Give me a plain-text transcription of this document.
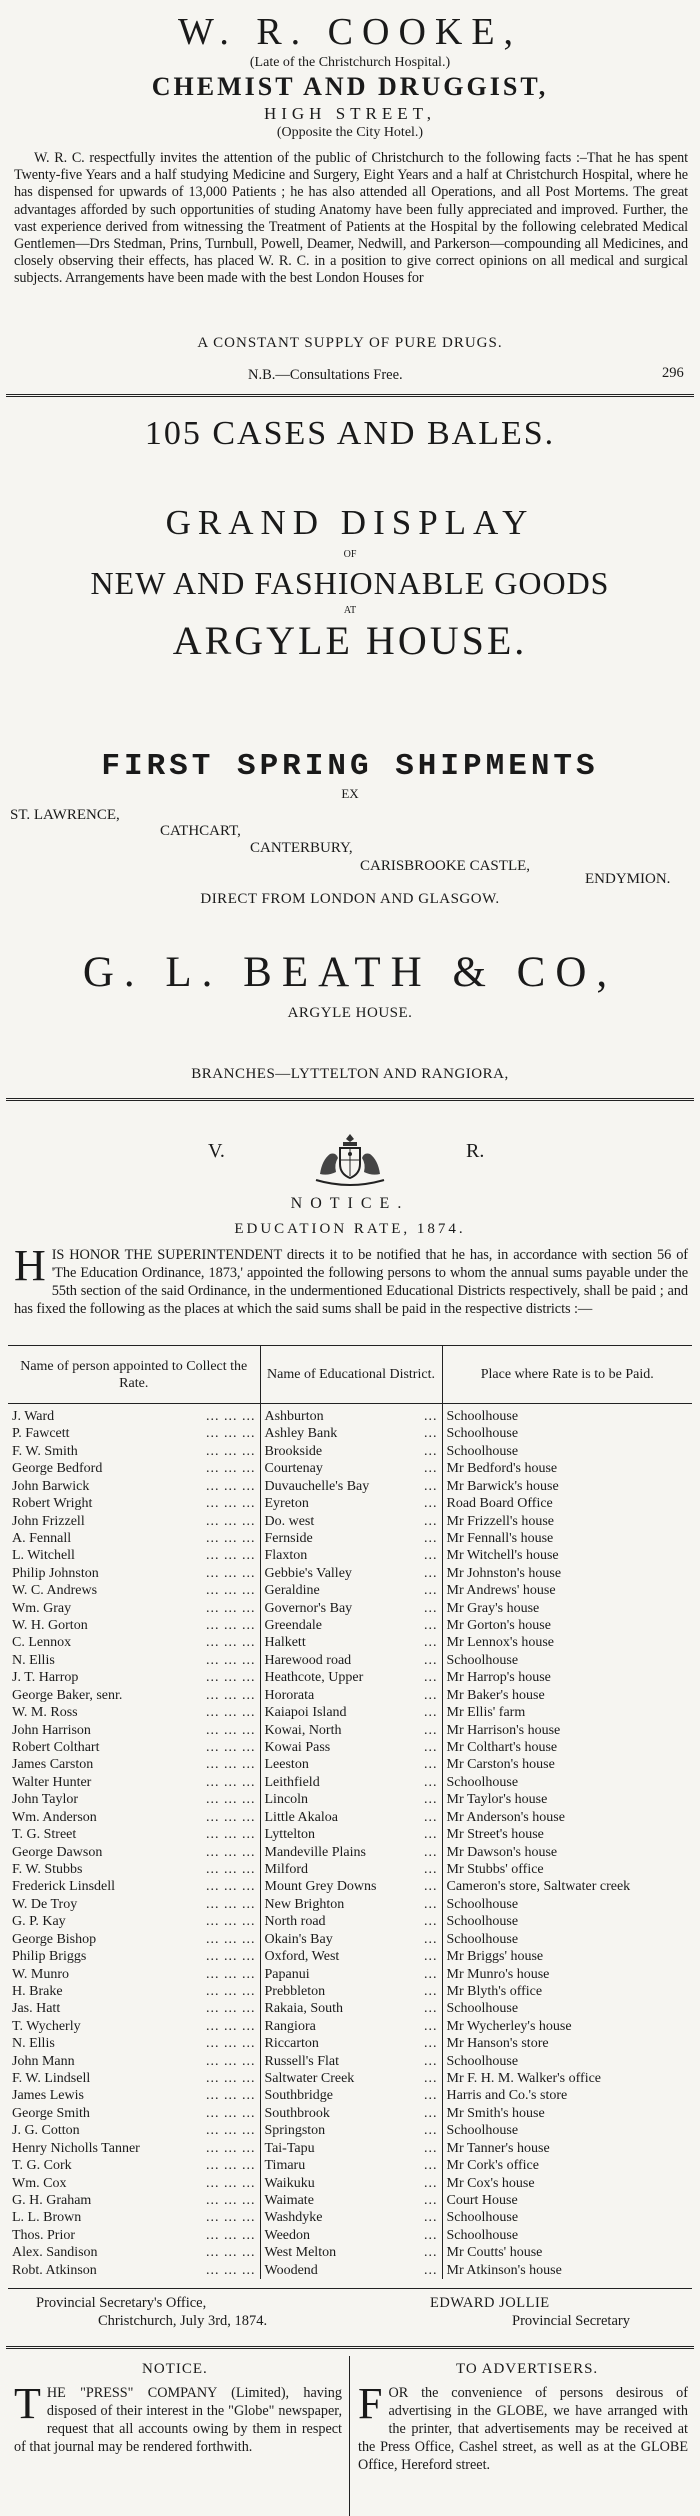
W. R. COOKE,
(Late of the Christchurch Hospital.)
CHEMIST AND DRUGGIST,
HIGH STREET,
(Opposite the City Hotel.)
W. R. C. respectfully invites the attention of the public of Christchurch to the following facts :–That he has spent Twenty-five Years and a half studying Medicine and Surgery, Eight Years and a half at Christchurch Hospital, where he has dispensed for upwards of 13,000 Patients ; he has also attended all Operations, and all Post Mortems. The great advantages afforded by such opportunities of studing Anatomy have been fully appreciated and improved. Further, the vast experience derived from witnessing the Treatment of Patients at the Hospital by the following celebrated Medical Gentlemen—Drs Stedman, Prins, Turnbull, Powell, Deamer, Nedwill, and Parkerson—compounding all Medicines, and closely observing their effects, has placed W. R. C. in a position to give correct opinions on all medical and surgical subjects. Arrangements have been made with the best London Houses for
A CONSTANT SUPPLY OF PURE DRUGS.
N.B.—Consultations Free.	296
105 CASES AND BALES.
GRAND DISPLAY
OF
NEW AND FASHIONABLE GOODS
AT
ARGYLE HOUSE.
FIRST SPRING SHIPMENTS
EX
ST. LAWRENCE,
CATHCART,
CANTERBURY,
CARISBROOKE CASTLE,
ENDYMION.
DIRECT FROM LONDON AND GLASGOW.
G. L. BEATH & CO,
ARGYLE HOUSE.
BRANCHES—LYTTELTON AND RANGIORA,
V.	R.
NOTICE.
EDUCATION RATE, 1874.
HIS HONOR THE SUPERINTENDENT directs it to be notified that he has, in accordance with section 56 of 'The Education Ordinance, 1873,' appointed the following persons to whom the annual sums payable under the 55th section of the said Ordinance, in the undermentioned Educational Districts respectively, shall be paid ; and has fixed the following as the places at which the said sums shall be paid in the respective districts :—
Name of person appointed to Collect the Rate.	Name of Educational District.	Place where Rate is to be Paid.
J. Ward ... ... ...	Ashburton ...	Schoolhouse
P. Fawcett ... ... ...	Ashley Bank ...	Schoolhouse
F. W. Smith ... ... ...	Brookside ...	Schoolhouse
George Bedford ... ... ...	Courtenay ...	Mr Bedford's house
John Barwick ... ... ...	Duvauchelle's Bay ...	Mr Barwick's house
Robert Wright ... ... ...	Eyreton ...	Road Board Office
John Frizzell ... ... ...	Do. west ...	Mr Frizzell's house
A. Fennall ... ... ...	Fernside ...	Mr Fennall's house
L. Witchell ... ... ...	Flaxton ...	Mr Witchell's house
Philip Johnston ... ... ...	Gebbie's Valley ...	Mr Johnston's house
W. C. Andrews ... ... ...	Geraldine ...	Mr Andrews' house
Wm. Gray ... ... ...	Governor's Bay ...	Mr Gray's house
W. H. Gorton ... ... ...	Greendale ...	Mr Gorton's house
C. Lennox ... ... ...	Halkett ...	Mr Lennox's house
N. Ellis ... ... ...	Harewood road ...	Schoolhouse
J. T. Harrop ... ... ...	Heathcote, Upper ...	Mr Harrop's house
George Baker, senr. ... ... ...	Hororata ...	Mr Baker's house
W. M. Ross ... ... ...	Kaiapoi Island ...	Mr Ellis' farm
John Harrison ... ... ...	Kowai, North ...	Mr Harrison's house
Robert Colthart ... ... ...	Kowai Pass ...	Mr Colthart's house
James Carston ... ... ...	Leeston ...	Mr Carston's house
Walter Hunter ... ... ...	Leithfield ...	Schoolhouse
John Taylor ... ... ...	Lincoln ...	Mr Taylor's house
Wm. Anderson ... ... ...	Little Akaloa ...	Mr Anderson's house
T. G. Street ... ... ...	Lyttelton ...	Mr Street's house
George Dawson ... ... ...	Mandeville Plains ...	Mr Dawson's house
F. W. Stubbs ... ... ...	Milford ...	Mr Stubbs' office
Frederick Linsdell ... ... ...	Mount Grey Downs ...	Cameron's store, Saltwater creek
W. De Troy ... ... ...	New Brighton ...	Schoolhouse
G. P. Kay ... ... ...	North road ...	Schoolhouse
George Bishop ... ... ...	Okain's Bay ...	Schoolhouse
Philip Briggs ... ... ...	Oxford, West ...	Mr Briggs' house
W. Munro ... ... ...	Papanui ...	Mr Munro's house
H. Brake ... ... ...	Prebbleton ...	Mr Blyth's office
Jas. Hatt ... ... ...	Rakaia, South ...	Schoolhouse
T. Wycherly ... ... ...	Rangiora ...	Mr Wycherley's house
N. Ellis ... ... ...	Riccarton ...	Mr Hanson's store
John Mann ... ... ...	Russell's Flat ...	Schoolhouse
F. W. Lindsell ... ... ...	Saltwater Creek ...	Mr F. H. M. Walker's office
James Lewis ... ... ...	Southbridge ...	Harris and Co.'s store
George Smith ... ... ...	Southbrook ...	Mr Smith's house
J. G. Cotton ... ... ...	Springston ...	Schoolhouse
Henry Nicholls Tanner ... ... ...	Tai-Tapu ...	Mr Tanner's house
T. G. Cork ... ... ...	Timaru ...	Mr Cork's office
Wm. Cox ... ... ...	Waikuku ...	Mr Cox's house
G. H. Graham ... ... ...	Waimate ...	Court House
L. L. Brown ... ... ...	Washdyke ...	Schoolhouse
Thos. Prior ... ... ...	Weedon ...	Schoolhouse
Alex. Sandison ... ... ...	West Melton ...	Mr Coutts' house
Robt. Atkinson ... ... ...	Woodend ...	Mr Atkinson's house
Provincial Secretary's Office,
Christchurch, July 3rd, 1874.
EDWARD JOLLIE
Provincial Secretary
NOTICE.
THE "PRESS" COMPANY (Limited), having disposed of their interest in the "Globe" newspaper, request that all accounts owing by them in respect of that journal may be rendered forthwith.
TO ADVERTISERS.
FOR the convenience of persons desirous of advertising in the GLOBE, we have arranged with the printer, that advertisements may be received at the Press Office, Cashel street, as well as at the GLOBE Office, Hereford street.
